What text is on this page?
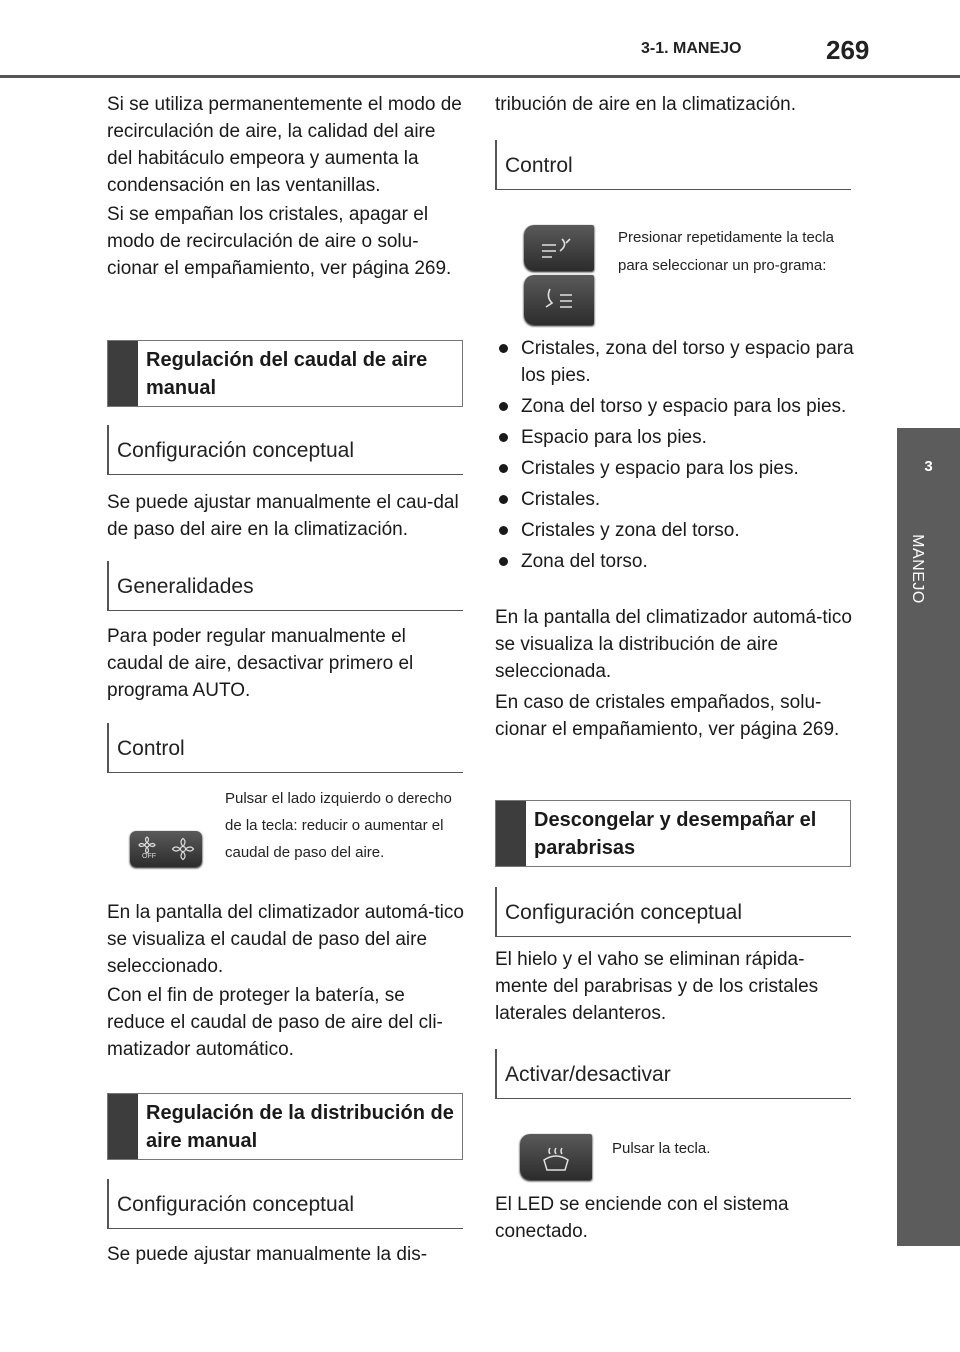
3-1. MANEJO	269
3
MANEJO
Si se utiliza permanentemente el modo de recirculación de aire, la calidad del aire del habitáculo empeora y aumenta la condensación en las ventanillas.
Si se empañan los cristales, apagar el modo de recirculación de aire o solu-cionar el empañamiento, ver página 269.
Regulación del caudal de aire manual
Configuración conceptual
Se puede ajustar manualmente el cau-dal de paso del aire en la climatización.
Generalidades
Para poder regular manualmente el caudal de aire, desactivar primero el programa AUTO.
Control
OFF
Pulsar el lado izquierdo o derecho de la tecla: reducir o aumentar el caudal de paso del aire.
En la pantalla del climatizador automá-tico se visualiza el caudal de paso del aire seleccionado.
Con el fin de proteger la batería, se reduce el caudal de paso de aire del cli-matizador automático.
Regulación de la distribución de aire manual
Configuración conceptual
Se puede ajustar manualmente la dis-
tribución de aire en la climatización.
Control
Presionar repetidamente la tecla para seleccionar un pro-grama:
Cristales, zona del torso y espacio para los pies.
Zona del torso y espacio para los pies.
Espacio para los pies.
Cristales y espacio para los pies.
Cristales.
Cristales y zona del torso.
Zona del torso.
En la pantalla del climatizador automá-tico se visualiza la distribución de aire seleccionada.
En caso de cristales empañados, solu-cionar el empañamiento, ver página 269.
Descongelar y desempañar el parabrisas
Configuración conceptual
El hielo y el vaho se eliminan rápida-mente del parabrisas y de los cristales laterales delanteros.
Activar/desactivar
Pulsar la tecla.
El LED se enciende con el sistema conectado.
